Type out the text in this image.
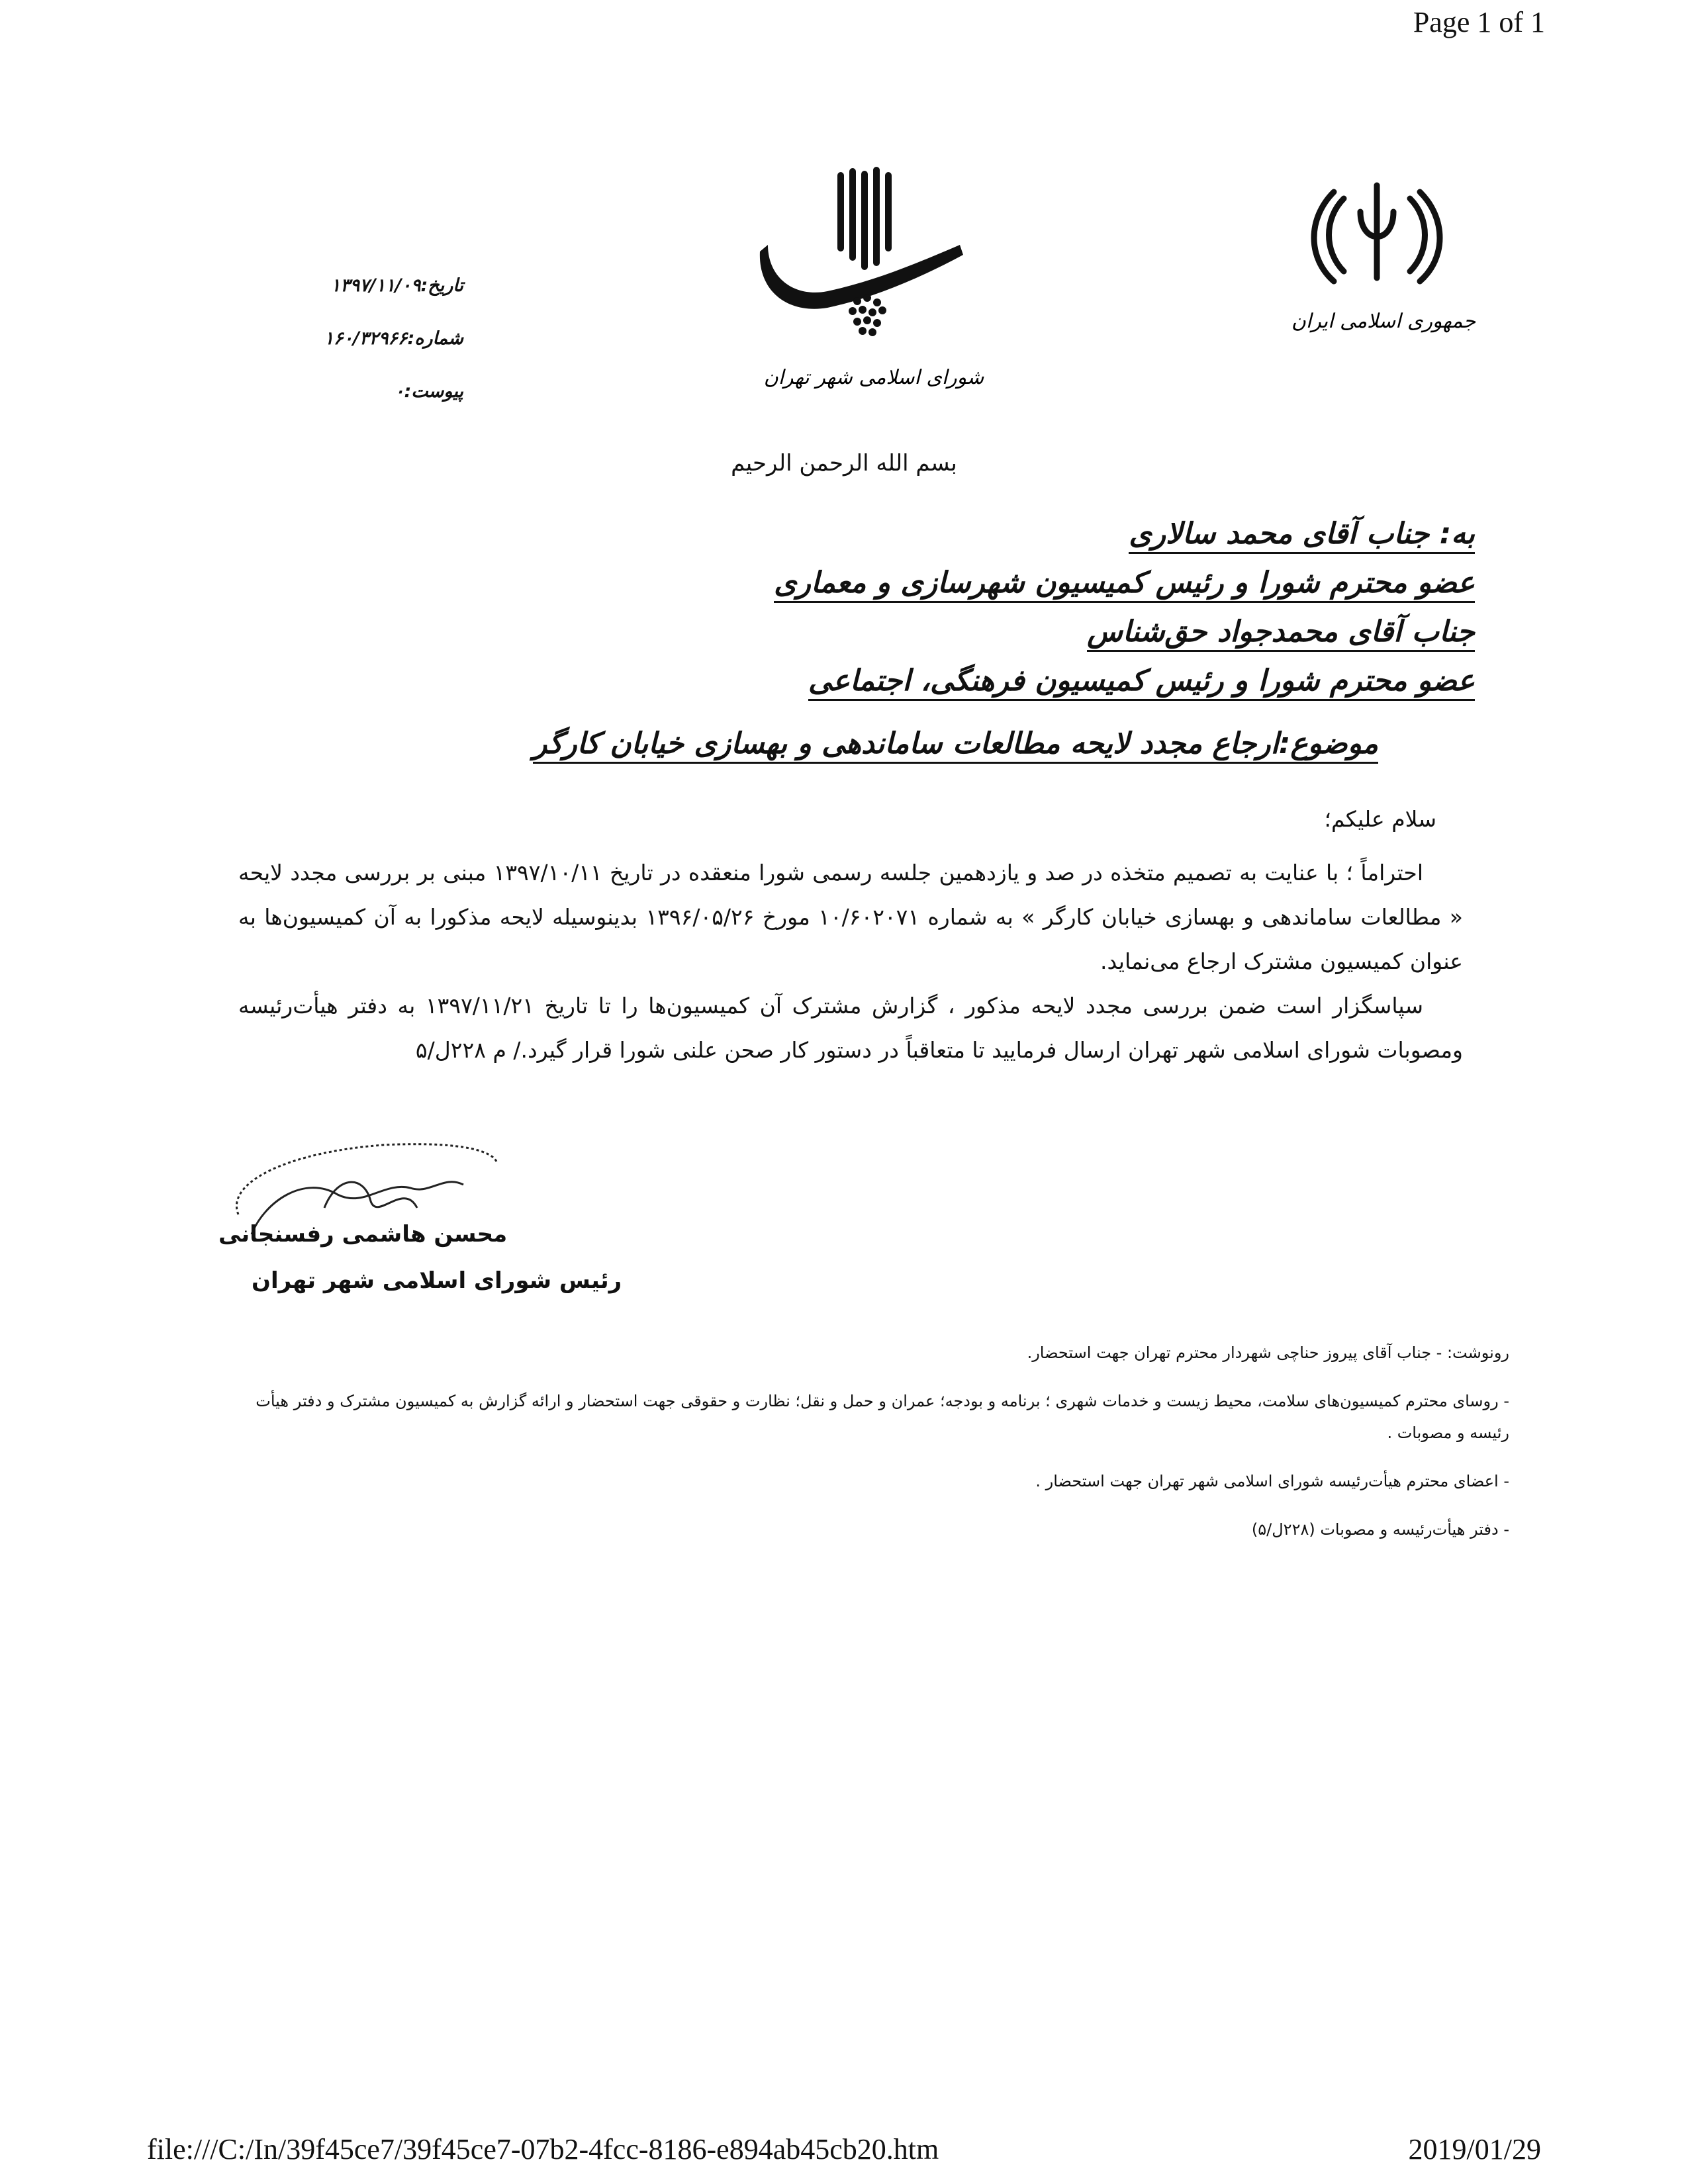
Page 1 of 1
تاریخ:۱۳۹۷/۱۱/۰۹
شماره:۱۶۰/۳۲۹۶۶
پیوست:۰
شورای اسلامی شهر تهران
جمهوری اسلامی ایران
بسم الله الرحمن الرحیم
به: جناب آقای محمد سالاری
عضو محترم شورا و رئیس کمیسیون شهرسازی و معماری
جناب آقای محمدجواد حق‌شناس
عضو محترم شورا و رئیس کمیسیون فرهنگی، اجتماعی
موضوع:ارجاع مجدد لایحه مطالعات ساماندهی و بهسازی خیابان کارگر
سلام علیکم؛

احتراماً ؛ با عنایت به تصمیم متخذه در صد و یازدهمین جلسه رسمی شورا منعقده در تاریخ ۱۳۹۷/۱۰/۱۱ مبنی بر بررسی مجدد لایحه « مطالعات ساماندهی و بهسازی خیابان کارگر » به شماره ۱۰/۶۰۲۰۷۱ مورخ ۱۳۹۶/۰۵/۲۶ بدینوسیله لایحه مذکورا به آن کمیسیون‌ها به عنوان کمیسیون مشترک ارجاع می‌نماید.

سپاسگزار است ضمن بررسی مجدد لایحه مذکور ، گزارش مشترک آن کمیسیون‌ها را تا تاریخ ۱۳۹۷/۱۱/۲۱ به دفتر هیأت‌رئیسه ومصوبات شورای اسلامی شهر تهران ارسال فرمایید تا متعاقباً در دستور کار صحن علنی شورا قرار گیرد./ م ۲۲۸ل/۵

محسن هاشمی رفسنجانی
رئیس شورای اسلامی شهر تهران
رونوشت: - جناب آقای پیروز حناچی شهردار محترم تهران جهت استحضار.
- روسای محترم کمیسیون‌های سلامت، محیط زیست و خدمات شهری ؛ برنامه و بودجه؛ عمران و حمل و نقل؛ نظارت و حقوقی جهت استحضار و ارائه گزارش به کمیسیون مشترک و دفتر هیأت رئیسه و مصوبات .
- اعضای محترم هیأت‌رئیسه شورای اسلامی شهر تهران جهت استحضار .
- دفتر هیأت‌رئیسه و مصوبات (۲۲۸ل/۵)
file:///C:/In/39f45ce7/39f45ce7-07b2-4fcc-8186-e894ab45cb20.htm	2019/01/29
